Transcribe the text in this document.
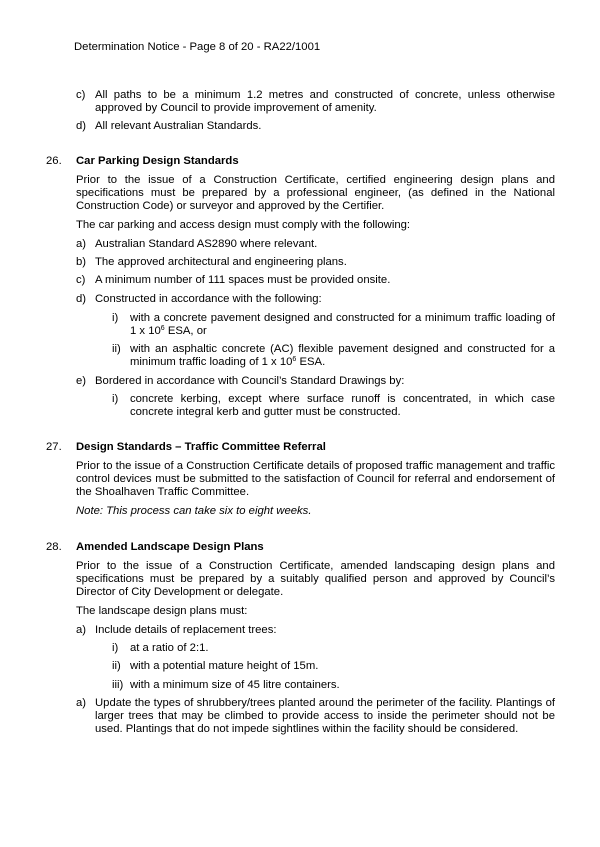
Determination Notice - Page 8 of 20 - RA22/1001
c) All paths to be a minimum 1.2 metres and constructed of concrete, unless otherwise approved by Council to provide improvement of amenity.
d) All relevant Australian Standards.
26. Car Parking Design Standards
Prior to the issue of a Construction Certificate, certified engineering design plans and specifications must be prepared by a professional engineer, (as defined in the National Construction Code) or surveyor and approved by the Certifier.
The car parking and access design must comply with the following:
a) Australian Standard AS2890 where relevant.
b) The approved architectural and engineering plans.
c) A minimum number of 111 spaces must be provided onsite.
d) Constructed in accordance with the following:
i) with a concrete pavement designed and constructed for a minimum traffic loading of 1 x $10^6$ ESA, or
ii) with an asphaltic concrete (AC) flexible pavement designed and constructed for a minimum traffic loading of 1 x $10^6$ ESA.
e) Bordered in accordance with Council’s Standard Drawings by:
i) concrete kerbing, except where surface runoff is concentrated, in which case concrete integral kerb and gutter must be constructed.
27. Design Standards – Traffic Committee Referral
Prior to the issue of a Construction Certificate details of proposed traffic management and traffic control devices must be submitted to the satisfaction of Council for referral and endorsement of the Shoalhaven Traffic Committee.
Note: This process can take six to eight weeks.
28. Amended Landscape Design Plans
Prior to the issue of a Construction Certificate, amended landscaping design plans and specifications must be prepared by a suitably qualified person and approved by Council’s Director of City Development or delegate.
The landscape design plans must:
a) Include details of replacement trees:
i) at a ratio of 2:1.
ii) with a potential mature height of 15m.
iii) with a minimum size of 45 litre containers.
a) Update the types of shrubbery/trees planted around the perimeter of the facility. Plantings of larger trees that may be climbed to provide access to inside the perimeter should not be used. Plantings that do not impede sightlines within the facility should be considered.
